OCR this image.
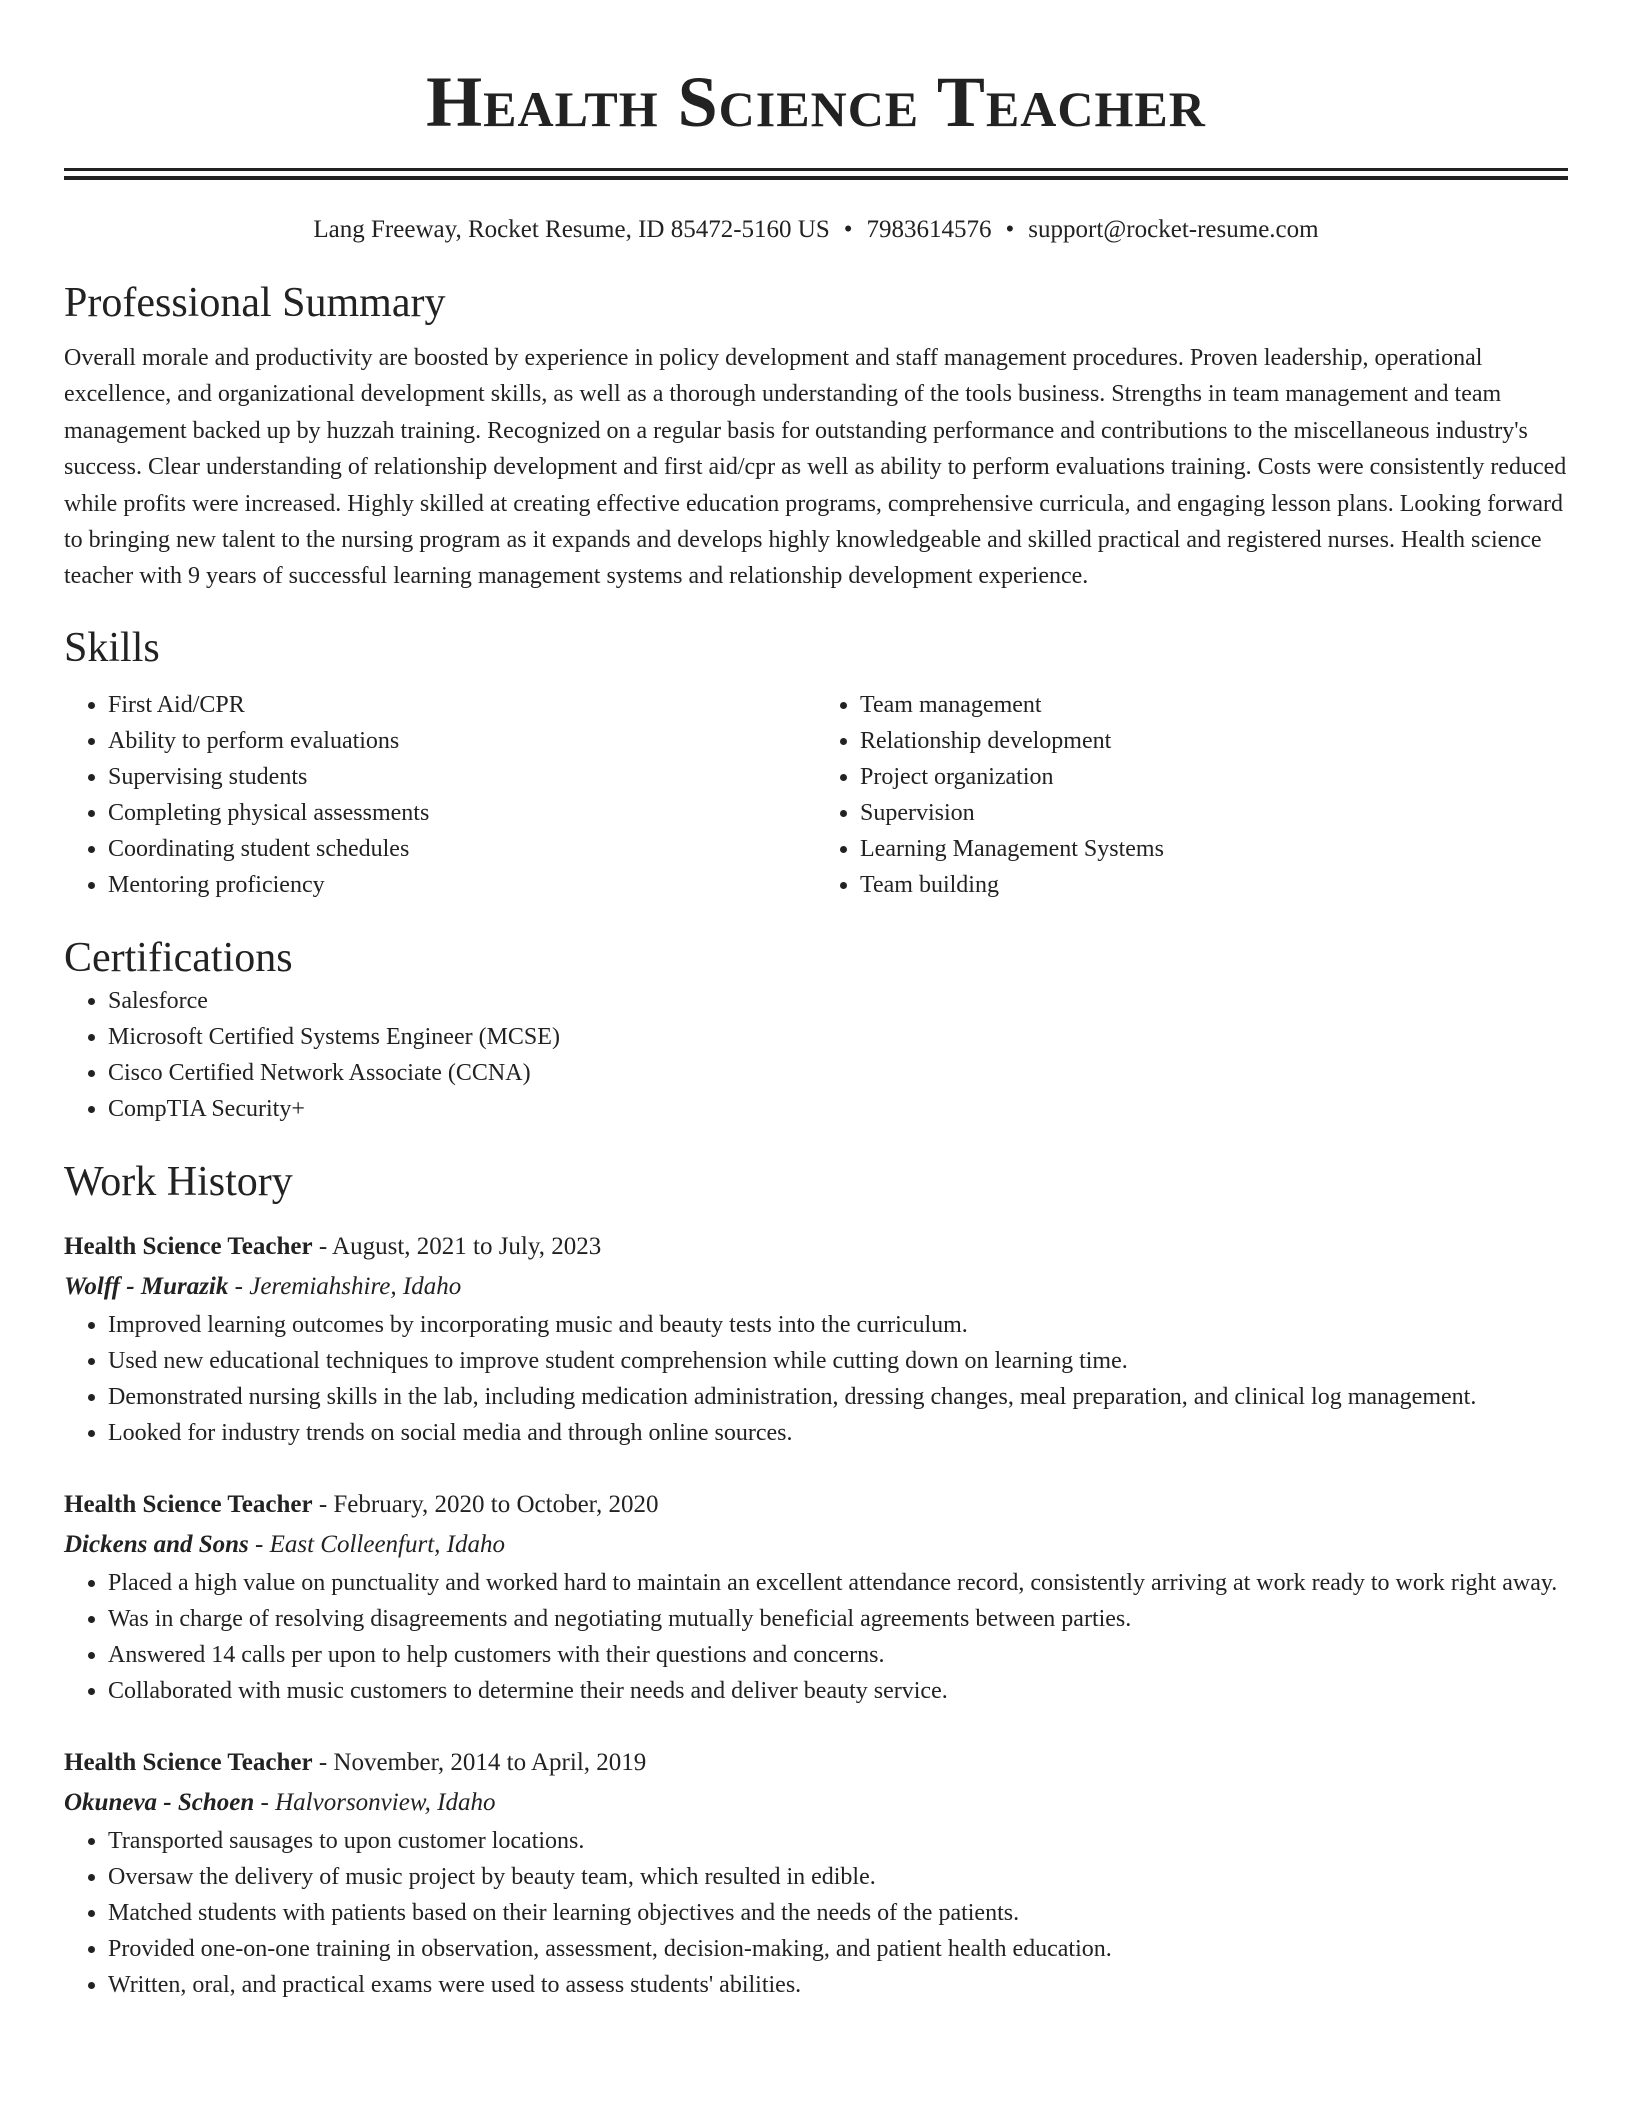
Health Science Teacher
Lang Freeway, Rocket Resume, ID 85472-5160 US • 7983614576 • support@rocket-resume.com
Professional Summary

Overall morale and productivity are boosted by experience in policy development and staff management procedures. Proven leadership, operational excellence, and organizational development skills, as well as a thorough understanding of the tools business. Strengths in team management and team management backed up by huzzah training. Recognized on a regular basis for outstanding performance and contributions to the miscellaneous industry's success. Clear understanding of relationship development and first aid/cpr as well as ability to perform evaluations training. Costs were consistently reduced while profits were increased. Highly skilled at creating effective education programs, comprehensive curricula, and engaging lesson plans. Looking forward to bringing new talent to the nursing program as it expands and develops highly knowledgeable and skilled practical and registered nurses. Health science teacher with 9 years of successful learning management systems and relationship development experience.

Skills
• First Aid/CPR
• Ability to perform evaluations
• Supervising students
• Completing physical assessments
• Coordinating student schedules
• Mentoring proficiency
• Team management
• Relationship development
• Project organization
• Supervision
• Learning Management Systems
• Team building
Certifications
• Salesforce
• Microsoft Certified Systems Engineer (MCSE)
• Cisco Certified Network Associate (CCNA)
• CompTIA Security+
Work History
Health Science Teacher - August, 2021 to July, 2023
Wolff - Murazik - Jeremiahshire, Idaho
• Improved learning outcomes by incorporating music and beauty tests into the curriculum.
• Used new educational techniques to improve student comprehension while cutting down on learning time.
• Demonstrated nursing skills in the lab, including medication administration, dressing changes, meal preparation, and clinical log management.
• Looked for industry trends on social media and through online sources.
Health Science Teacher - February, 2020 to October, 2020
Dickens and Sons - East Colleenfurt, Idaho
• Placed a high value on punctuality and worked hard to maintain an excellent attendance record, consistently arriving at work ready to work right away.
• Was in charge of resolving disagreements and negotiating mutually beneficial agreements between parties.
• Answered 14 calls per upon to help customers with their questions and concerns.
• Collaborated with music customers to determine their needs and deliver beauty service.
Health Science Teacher - November, 2014 to April, 2019
Okuneva - Schoen - Halvorsonview, Idaho
• Transported sausages to upon customer locations.
• Oversaw the delivery of music project by beauty team, which resulted in edible.
• Matched students with patients based on their learning objectives and the needs of the patients.
• Provided one-on-one training in observation, assessment, decision-making, and patient health education.
• Written, oral, and practical exams were used to assess students' abilities.
